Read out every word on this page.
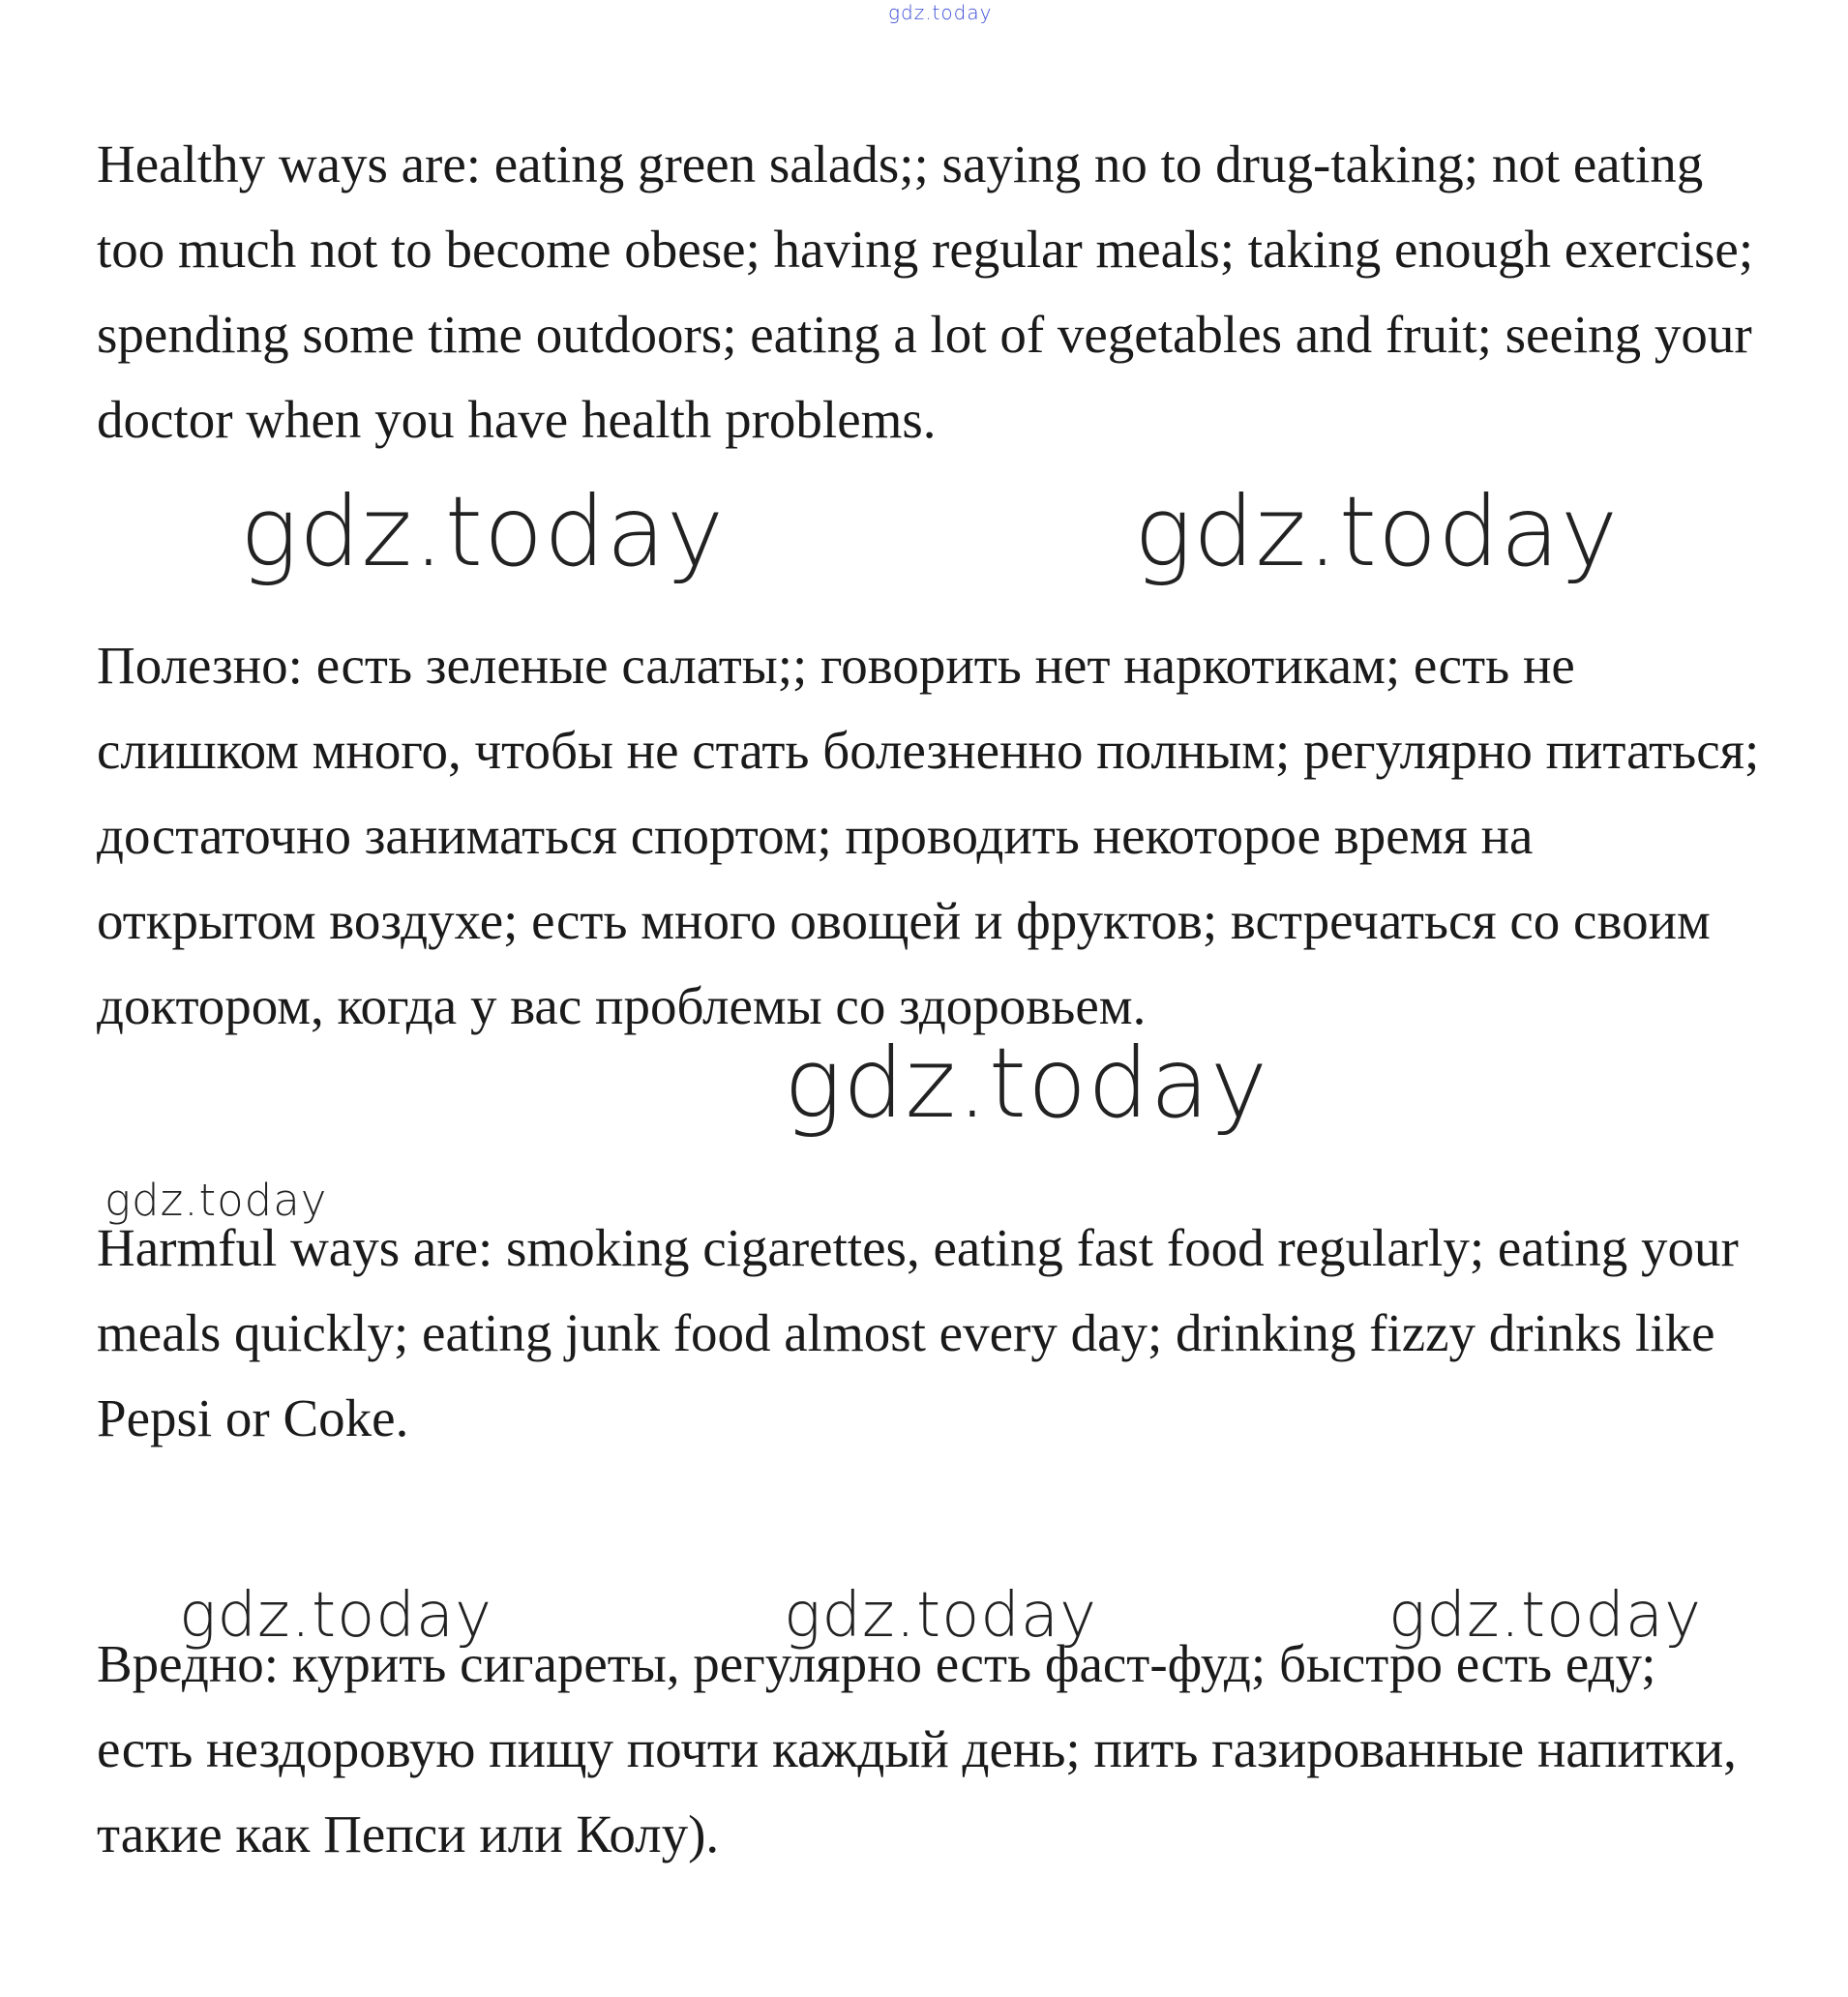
gdz.today

Healthy ways are: eating green salads;; saying no to drug-taking; not eating too much not to become obese; having regular meals; taking enough exercise; spending some time outdoors; eating a lot of vegetables and fruit; seeing your doctor when you have health problems.

gdz.today	gdz.today

Полезно: есть зеленые салаты;; говорить нет наркотикам; есть не слишком много, чтобы не стать болезненно полным; регулярно питаться; достаточно заниматься спортом; проводить некоторое время на открытом воздухе; есть много овощей и фруктов; встречаться со своим доктором, когда у вас проблемы со здоровьем.

gdz.today
gdz.today

Harmful ways are: smoking cigarettes, eating fast food regularly; eating your meals quickly; eating junk food almost every day; drinking fizzy drinks like Pepsi or Coke.

gdz.today	gdz.today	gdz.today

Вредно: курить сигареты, регулярно есть фаст-фуд; быстро есть еду; есть нездоровую пищу почти каждый день; пить газированные напитки, такие как Пепси или Колу).
